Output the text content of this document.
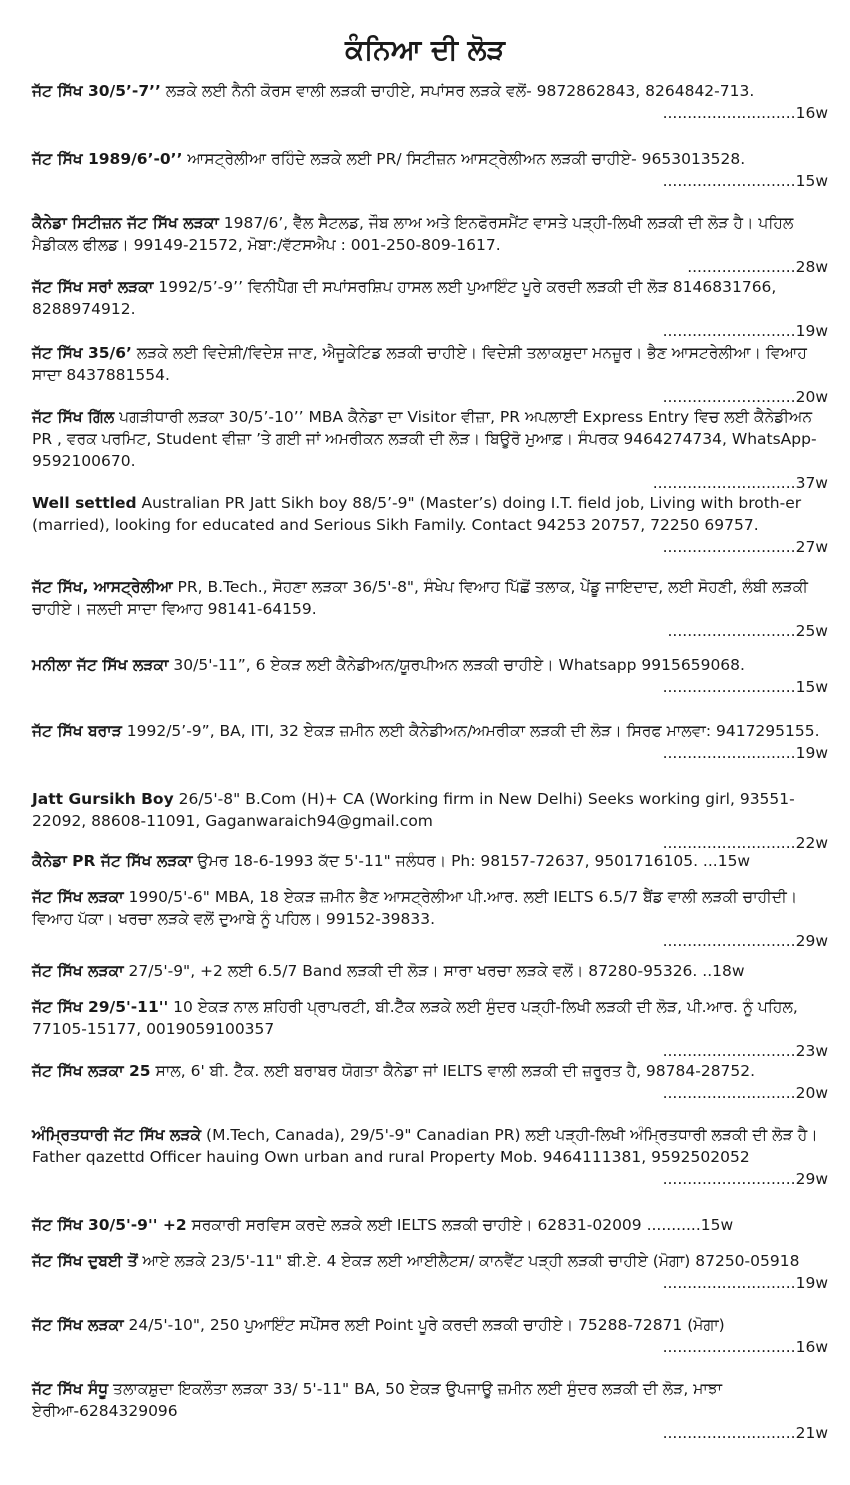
ਕੰਨਿਆ ਦੀ ਲੋੜ
ਜੱਟ ਸਿੱਖ 30/5’-7’’ ਲੜਕੇ ਲਈ ਨੈਨੀ ਕੋਰਸ ਵਾਲੀ ਲੜਕੀ ਚਾਹੀਏ, ਸਪਾਂਸਰ ਲੜਕੇ ਵਲੋਂ- 9872862843, 8264842-713.
...........................16w
ਜੱਟ ਸਿੱਖ 1989/6’-0’’ ਆਸਟ੍ਰੇਲੀਆ ਰਹਿੰਦੇ ਲੜਕੇ ਲਈ PR/ ਸਿਟੀਜ਼ਨ ਆਸਟ੍ਰੇਲੀਅਨ ਲੜਕੀ ਚਾਹੀਏ- 9653013528.
...........................15w
ਕੈਨੇਡਾ ਸਿਟੀਜ਼ਨ ਜੱਟ ਸਿੱਖ ਲੜਕਾ 1987/6’, ਵੈੱਲ ਸੈਟਲਡ, ਜੌਬ ਲਾਅ ਅਤੇ ਇਨਫੋਰਸਮੈਂਟ ਵਾਸਤੇ ਪੜ੍ਹੀ-ਲਿਖੀ ਲੜਕੀ ਦੀ ਲੋੜ ਹੈ। ਪਹਿਲ ਮੈਡੀਕਲ ਫੀਲਡ। 99149-21572, ਮੋਬਾ:/ਵੱਟਸਐਪ : 001-250-809-1617.
......................28w
ਜੱਟ ਸਿੱਖ ਸਰਾਂ ਲੜਕਾ 1992/5’-9’’ ਵਿਨੀਪੈੱਗ ਦੀ ਸਪਾਂਸਰਸ਼ਿਪ ਹਾਸਲ ਲਈ ਪੁਆਇੰਟ ਪੂਰੇ ਕਰਦੀ ਲੜਕੀ ਦੀ ਲੋੜ 8146831766, 8288974912.
...........................19w
ਜੱਟ ਸਿੱਖ 35/6’ ਲੜਕੇ ਲਈ ਵਿਦੇਸ਼ੀ/ਵਿਦੇਸ਼ ਜਾਣ, ਐਜੂਕੇਟਿਡ ਲੜਕੀ ਚਾਹੀਏ। ਵਿਦੇਸ਼ੀ ਤਲਾਕਸ਼ੁਦਾ ਮਨਜ਼ੂਰ। ਭੈਣ ਆਸਟਰੇਲੀਆ। ਵਿਆਹ ਸਾਦਾ 8437881554.
...........................20w
ਜੱਟ ਸਿੱਖ ਗਿੱਲ ਪਗੜੀਧਾਰੀ ਲੜਕਾ 30/5’-10’’ MBA ਕੈਨੇਡਾ ਦਾ Visitor ਵੀਜ਼ਾ, PR ਅਪਲਾਈ Express Entry ਵਿਚ ਲਈ ਕੈਨੇਡੀਅਨ PR , ਵਰਕ ਪਰਮਿਟ, Student ਵੀਜ਼ਾ ’ਤੇ ਗਈ ਜਾਂ ਅਮਰੀਕਨ ਲੜਕੀ ਦੀ ਲੋੜ। ਬਿਊਰੋ ਮੁਆਫ਼। ਸੰਪਰਕ 9464274734, WhatsApp- 9592100670.
.............................37w
Well settled Australian PR Jatt Sikh boy 88/5’-9" (Master’s) doing I.T. field job, Living with broth-er (married), looking for educated and Serious Sikh Family. Contact 94253 20757, 72250 69757.
...........................27w
ਜੱਟ ਸਿੱਖ, ਆਸਟ੍ਰੇਲੀਆ PR, B.Tech., ਸੋਹਣਾ ਲੜਕਾ 36/5'-8", ਸੰਖੇਪ ਵਿਆਹ ਪਿੱਛੋਂ ਤਲਾਕ, ਪੇਂਡੂ ਜਾਇਦਾਦ, ਲਈ ਸੋਹਣੀ, ਲੰਬੀ ਲੜਕੀ ਚਾਹੀਏ। ਜਲਦੀ ਸਾਦਾ ਵਿਆਹ 98141-64159.
..........................25w
ਮਨੀਲਾ ਜੱਟ ਸਿੱਖ ਲੜਕਾ 30/5'-11”, 6 ਏਕੜ ਲਈ ਕੈਨੇਡੀਅਨ/ਯੂਰਪੀਅਨ ਲੜਕੀ ਚਾਹੀਏ। Whatsapp 9915659068.
...........................15w
ਜੱਟ ਸਿੱਖ ਬਰਾੜ 1992/5’-9”, BA, ITI, 32 ਏਕੜ ਜ਼ਮੀਨ ਲਈ ਕੈਨੇਡੀਅਨ/ਅਮਰੀਕਾ ਲੜਕੀ ਦੀ ਲੋੜ। ਸਿਰਫ ਮਾਲਵਾ: 9417295155.
...........................19w
Jatt Gursikh Boy 26/5'-8" B.Com (H)+ CA (Working firm in New Delhi) Seeks working girl, 93551-22092, 88608-11091, Gaganwaraich94@gmail.com
...........................22w
ਕੈਨੇਡਾ PR ਜੱਟ ਸਿੱਖ ਲੜਕਾ ਉਮਰ 18-6-1993 ਕੱਦ 5'-11" ਜਲੰਧਰ। Ph: 98157-72637, 9501716105. ...15w
ਜੱਟ ਸਿੱਖ ਲੜਕਾ 1990/5'-6" MBA, 18 ਏਕੜ ਜ਼ਮੀਨ ਭੈਣ ਆਸਟ੍ਰੇਲੀਆ ਪੀ.ਆਰ. ਲਈ IELTS 6.5/7 ਬੈਂਡ ਵਾਲੀ ਲੜਕੀ ਚਾਹੀਦੀ। ਵਿਆਹ ਪੱਕਾ। ਖਰਚਾ ਲੜਕੇ ਵਲੋਂ ਦੁਆਬੇ ਨੂੰ ਪਹਿਲ। 99152-39833.
...........................29w
ਜੱਟ ਸਿੱਖ ਲੜਕਾ 27/5'-9", +2 ਲਈ 6.5/7 Band ਲੜਕੀ ਦੀ ਲੋੜ। ਸਾਰਾ ਖਰਚਾ ਲੜਕੇ ਵਲੋਂ। 87280-95326. ..18w
ਜੱਟ ਸਿੱਖ 29/5'-11'' 10 ਏਕੜ ਨਾਲ ਸ਼ਹਿਰੀ ਪ੍ਰਾਪਰਟੀ, ਬੀ.ਟੈੱਕ ਲੜਕੇ ਲਈ ਸੁੰਦਰ ਪੜ੍ਹੀ-ਲਿਖੀ ਲੜਕੀ ਦੀ ਲੋੜ, ਪੀ.ਆਰ. ਨੂੰ ਪਹਿਲ, 77105-15177, 0019059100357
...........................23w
ਜੱਟ ਸਿੱਖ ਲੜਕਾ 25 ਸਾਲ, 6' ਬੀ. ਟੈੱਕ. ਲਈ ਬਰਾਬਰ ਯੋਗਤਾ ਕੈਨੇਡਾ ਜਾਂ IELTS ਵਾਲੀ ਲੜਕੀ ਦੀ ਜ਼ਰੂਰਤ ਹੈ, 98784-28752.
...........................20w
ਅੰਮ੍ਰਿਤਧਾਰੀ ਜੱਟ ਸਿੱਖ ਲੜਕੇ (M.Tech, Canada), 29/5'-9" Canadian PR) ਲਈ ਪੜ੍ਹੀ-ਲਿਖੀ ਅੰਮ੍ਰਿਤਧਾਰੀ ਲੜਕੀ ਦੀ ਲੋੜ ਹੈ। Father qazettd Officer hauing Own urban and rural Property Mob. 9464111381, 9592502052
...........................29w
ਜੱਟ ਸਿੱਖ 30/5'-9'' +2 ਸਰਕਾਰੀ ਸਰਵਿਸ ਕਰਦੇ ਲੜਕੇ ਲਈ IELTS ਲੜਕੀ ਚਾਹੀਏ। 62831-02009 ...........15w
ਜੱਟ ਸਿੱਖ ਦੁਬਈ ਤੋਂ ਆਏ ਲੜਕੇ 23/5'-11" ਬੀ.ਏ. 4 ਏਕੜ ਲਈ ਆਈਲੈਟਸ/ ਕਾਨਵੈਂਟ ਪੜ੍ਹੀ ਲੜਕੀ ਚਾਹੀਏ (ਮੋਗਾ) 87250-05918
...........................19w
ਜੱਟ ਸਿੱਖ ਲੜਕਾ 24/5'-10", 250 ਪੁਆਇੰਟ ਸਪੌਂਸਰ ਲਈ Point ਪੂਰੇ ਕਰਦੀ ਲੜਕੀ ਚਾਹੀਏ। 75288-72871 (ਮੋਗਾ)
...........................16w
ਜੱਟ ਸਿੱਖ ਸੰਧੂ ਤਲਾਕਸ਼ੁਦਾ ਇਕਲੌਤਾ ਲੜਕਾ 33/ 5'-11" BA, 50 ਏਕੜ ਉਪਜਾਊ ਜ਼ਮੀਨ ਲਈ ਸੁੰਦਰ ਲੜਕੀ ਦੀ ਲੋੜ, ਮਾਝਾ ਏਰੀਆ-6284329096
...........................21w
